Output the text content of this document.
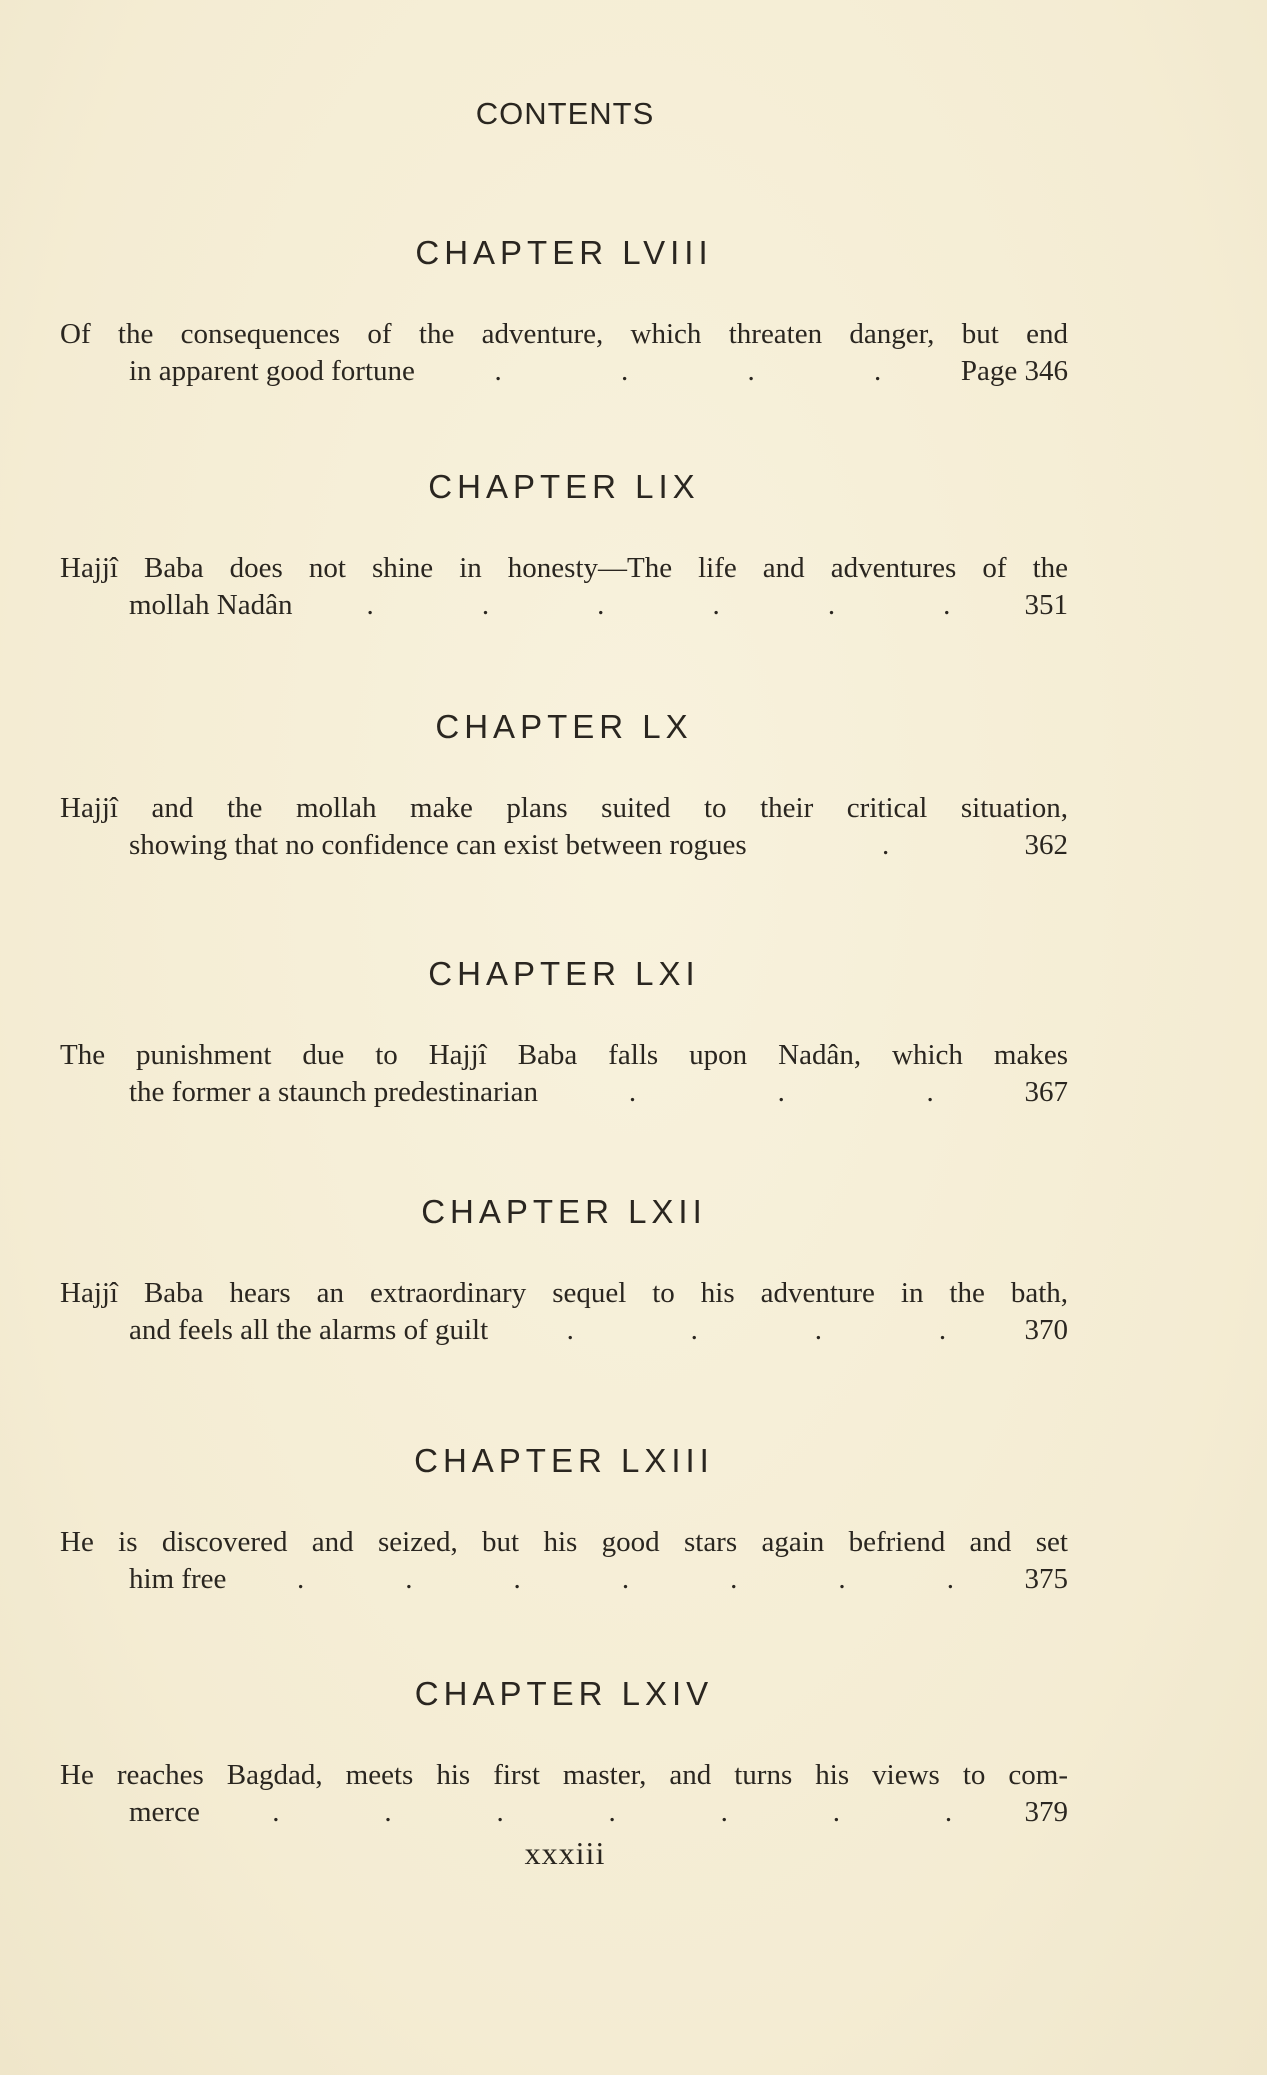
CONTENTS
CHAPTER LVIII
Of the consequences of the adventure, which threaten danger, but end
in apparent good fortune	.	.	.	.	Page 346
CHAPTER LIX
Hajjî Baba does not shine in honesty—The life and adventures of the
mollah Nadân	.	.	.	.	.	.	351
CHAPTER LX
Hajjî and the mollah make plans suited to their critical situation,
showing that no confidence can exist between rogues	.	362
CHAPTER LXI
The punishment due to Hajjî Baba falls upon Nadân, which makes
the former a staunch predestinarian	.	.	.	367
CHAPTER LXII
Hajjî Baba hears an extraordinary sequel to his adventure in the bath,
and feels all the alarms of guilt	.	.	.	.	370
CHAPTER LXIII
He is discovered and seized, but his good stars again befriend and set
him free .	.	.	.	.	.	. 375
CHAPTER LXIV
He reaches Bagdad, meets his first master, and turns his views to com-
merce .	.	.	.	.	.	. 379
xxxiii
